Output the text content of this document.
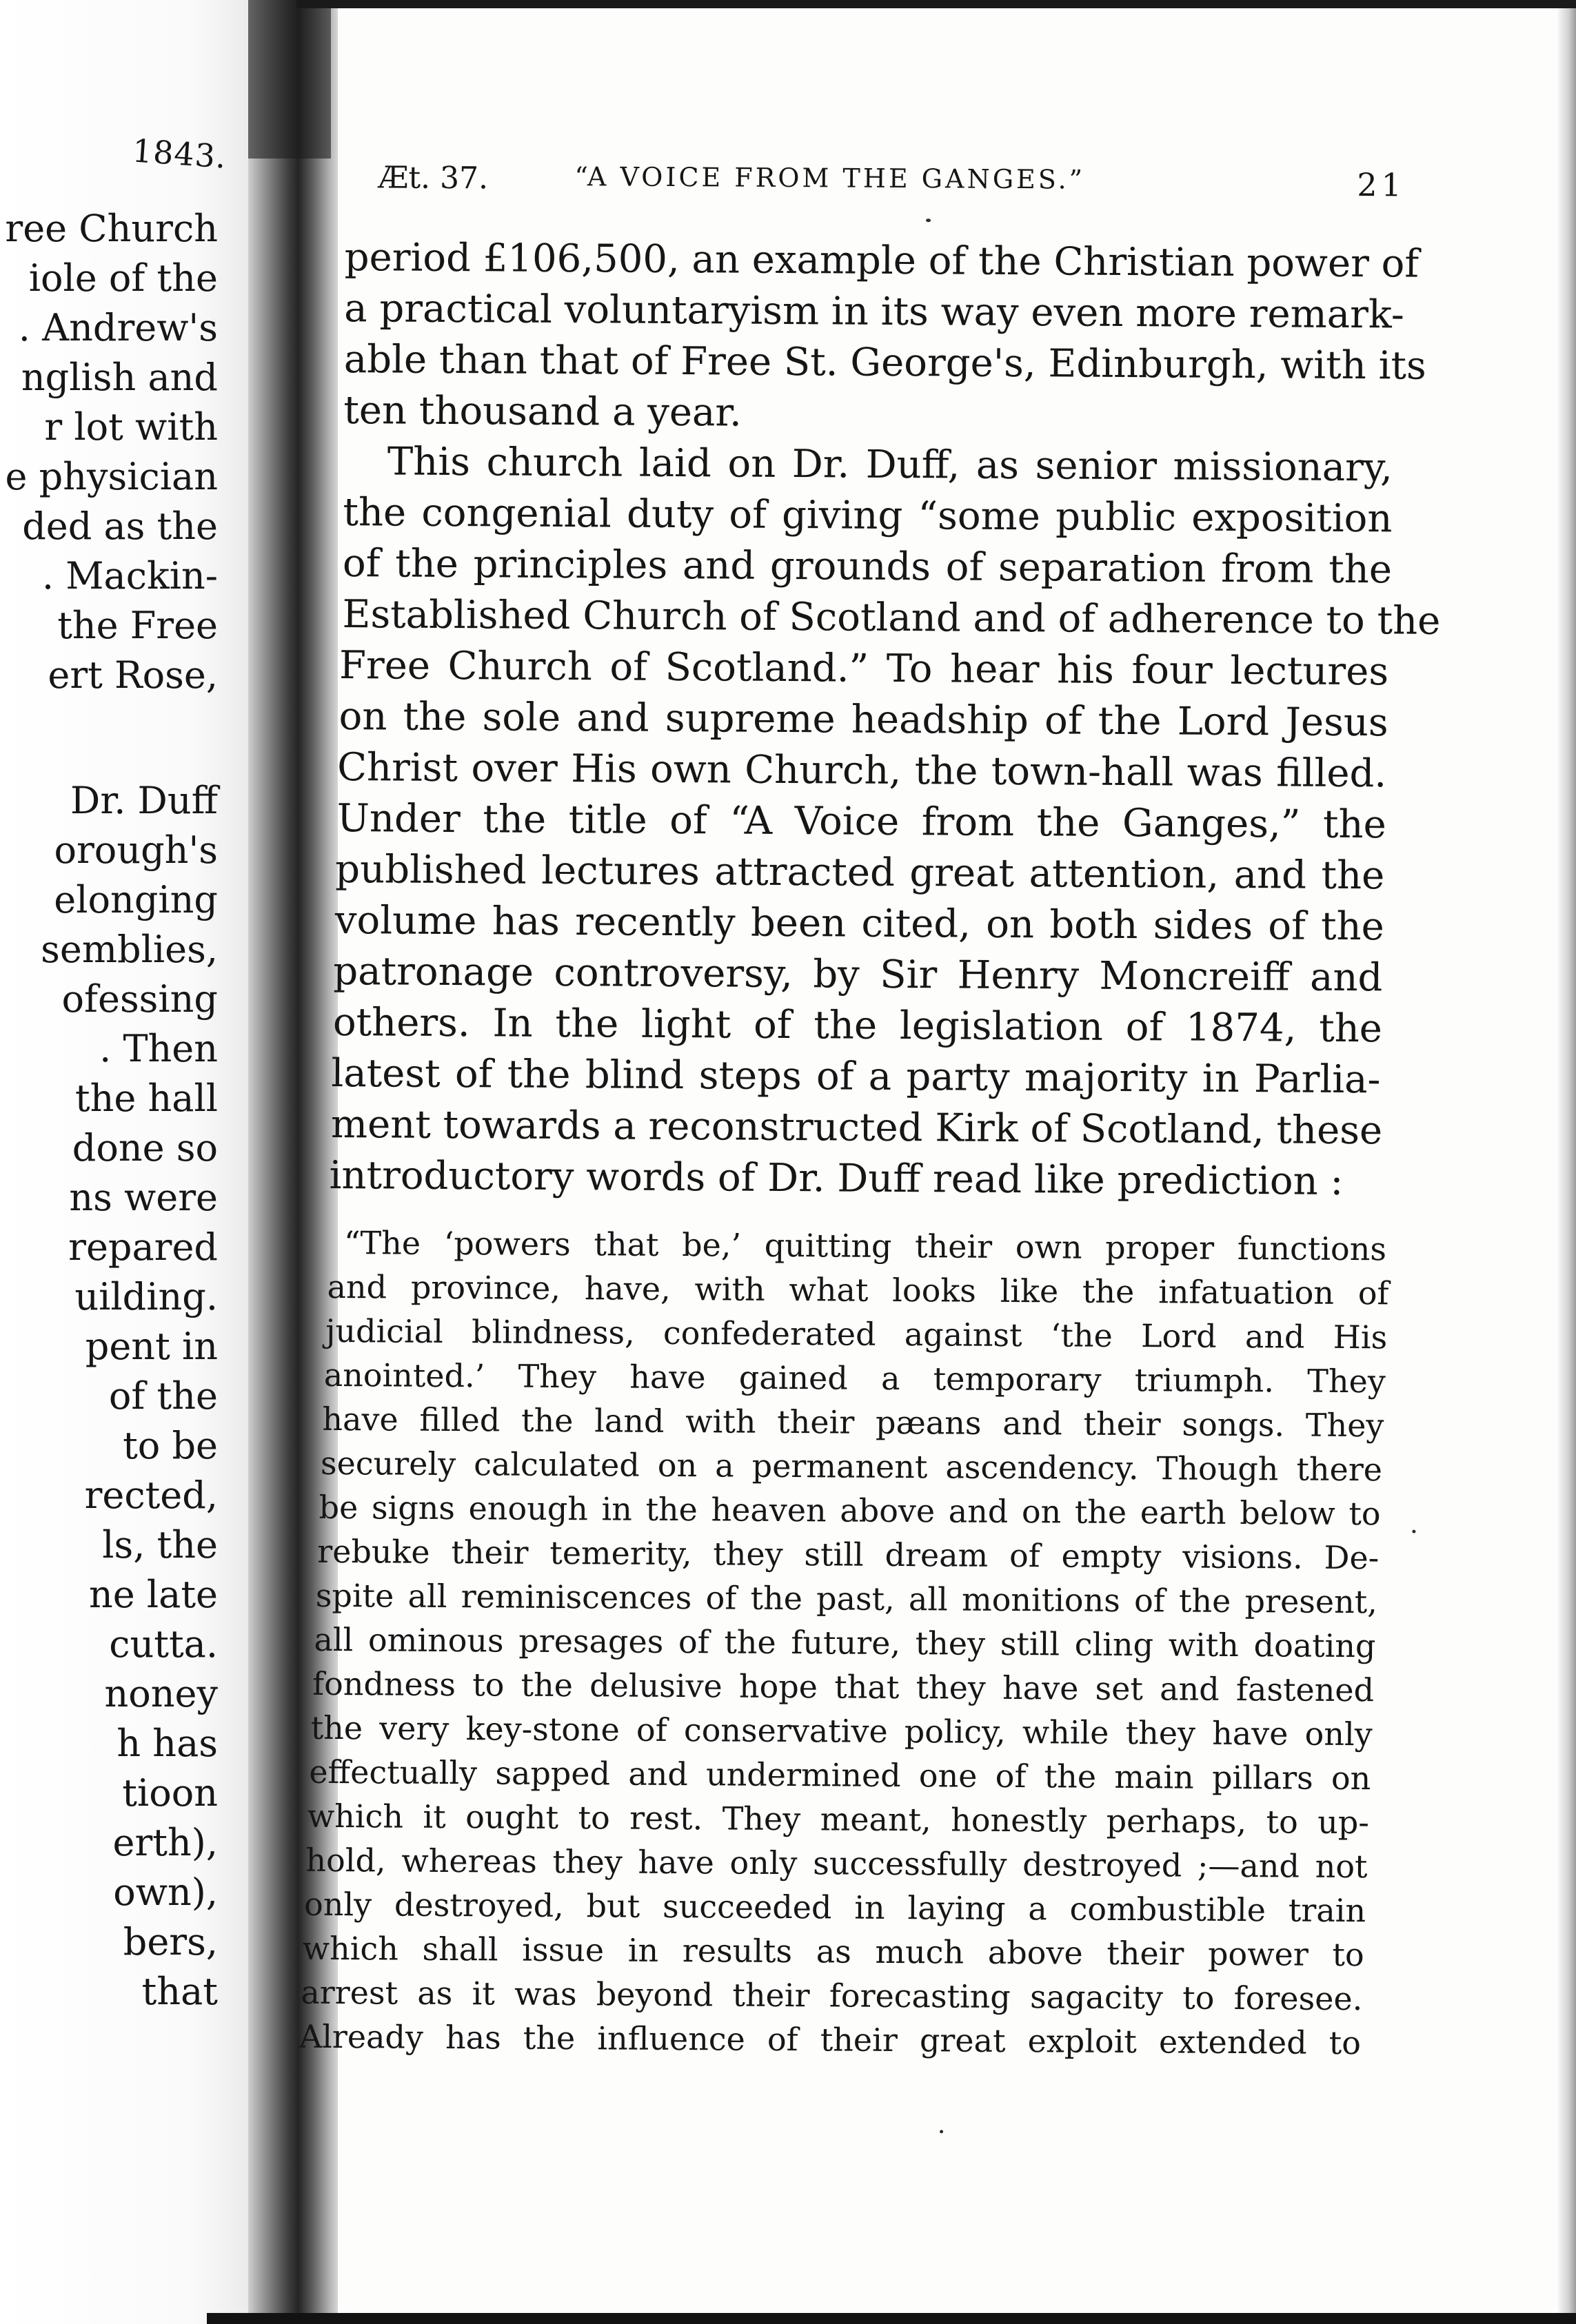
1843.
ree Church
iole of the
. Andrew's
nglish and
r lot with
e physician
ded as the
. Mackin-
the Free
ert Rose,
Dr. Duff
orough's
elonging
semblies,
ofessing
. Then
the hall
done so
ns were
repared
uilding.
pent in
of the
to be
rected,
ls, the
ne late
cutta.
noney
h has
tioon
erth),
own),
bers,
that
Æt. 37.	“A VOICE FROM THE GANGES.”	21
period £106,500, an example of the Christian power of
a practical voluntaryism in its way even more remark-
able than that of Free St. George's, Edinburgh, with its
ten thousand a year.
This church laid on Dr. Duff, as senior missionary,
the congenial duty of giving “some public exposition
of the principles and grounds of separation from the
Established Church of Scotland and of adherence to the
Free Church of Scotland.” To hear his four lectures
on the sole and supreme headship of the Lord Jesus
Christ over His own Church, the town-hall was filled.
Under the title of “A Voice from the Ganges,” the
published lectures attracted great attention, and the
volume has recently been cited, on both sides of the
patronage controversy, by Sir Henry Moncreiff and
others. In the light of the legislation of 1874, the
latest of the blind steps of a party majority in Parlia-
ment towards a reconstructed Kirk of Scotland, these
introductory words of Dr. Duff read like prediction :
“The ‘powers that be,’ quitting their own proper functions
and province, have, with what looks like the infatuation of
judicial blindness, confederated against ‘the Lord and His
anointed.’ They have gained a temporary triumph. They
have filled the land with their pæans and their songs. They
securely calculated on a permanent ascendency. Though there
be signs enough in the heaven above and on the earth below to
rebuke their temerity, they still dream of empty visions. De-
spite all reminiscences of the past, all monitions of the present,
all ominous presages of the future, they still cling with doating
fondness to the delusive hope that they have set and fastened
the very key-stone of conservative policy, while they have only
effectually sapped and undermined one of the main pillars on
which it ought to rest. They meant, honestly perhaps, to up-
hold, whereas they have only successfully destroyed ;—and not
only destroyed, but succeeded in laying a combustible train
which shall issue in results as much above their power to
arrest as it was beyond their forecasting sagacity to foresee.
Already has the influence of their great exploit extended to
